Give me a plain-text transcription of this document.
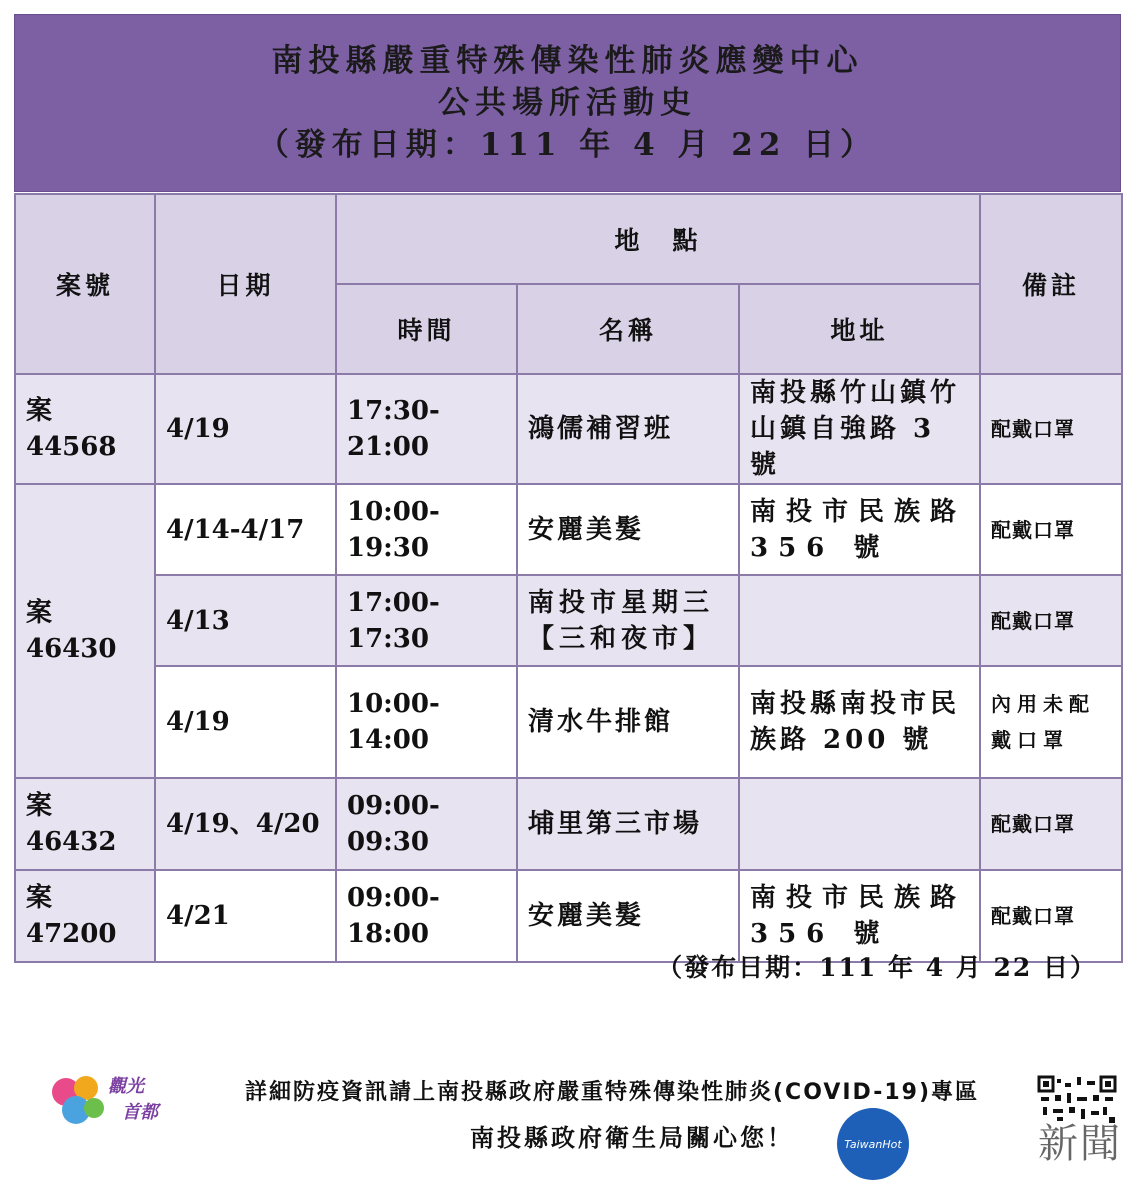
南投縣嚴重特殊傳染性肺炎應變中心
公共場所活動史
（發布日期：111 年 4 月 22 日）
案號	日期	地　點			備註
		時間	名稱	地址	
案 44568	4/19	17:30-21:00	鴻儒補習班	南投縣竹山鎮竹山鎮自強路 3 號	配戴口罩
案 46430	4/14-4/17	10:00-19:30	安麗美髮	南投市民族路 356 號	配戴口罩
	4/13	17:00-17:30	南投市星期三【三和夜市】		配戴口罩
	4/19	10:00-14:00	清水牛排館	南投縣南投市民族路 200 號	內用未配戴口罩
案 46432	4/19、4/20	09:00-09:30	埔里第三市場		配戴口罩
案 47200	4/21	09:00-18:00	安麗美髮	南投市民族路 356 號	配戴口罩
（發布日期：111 年 4 月 22 日）
觀光
首都
詳細防疫資訊請上南投縣政府嚴重特殊傳染性肺炎(COVID-19)專區
南投縣政府衛生局關心您！	TaiwanHot	新聞
